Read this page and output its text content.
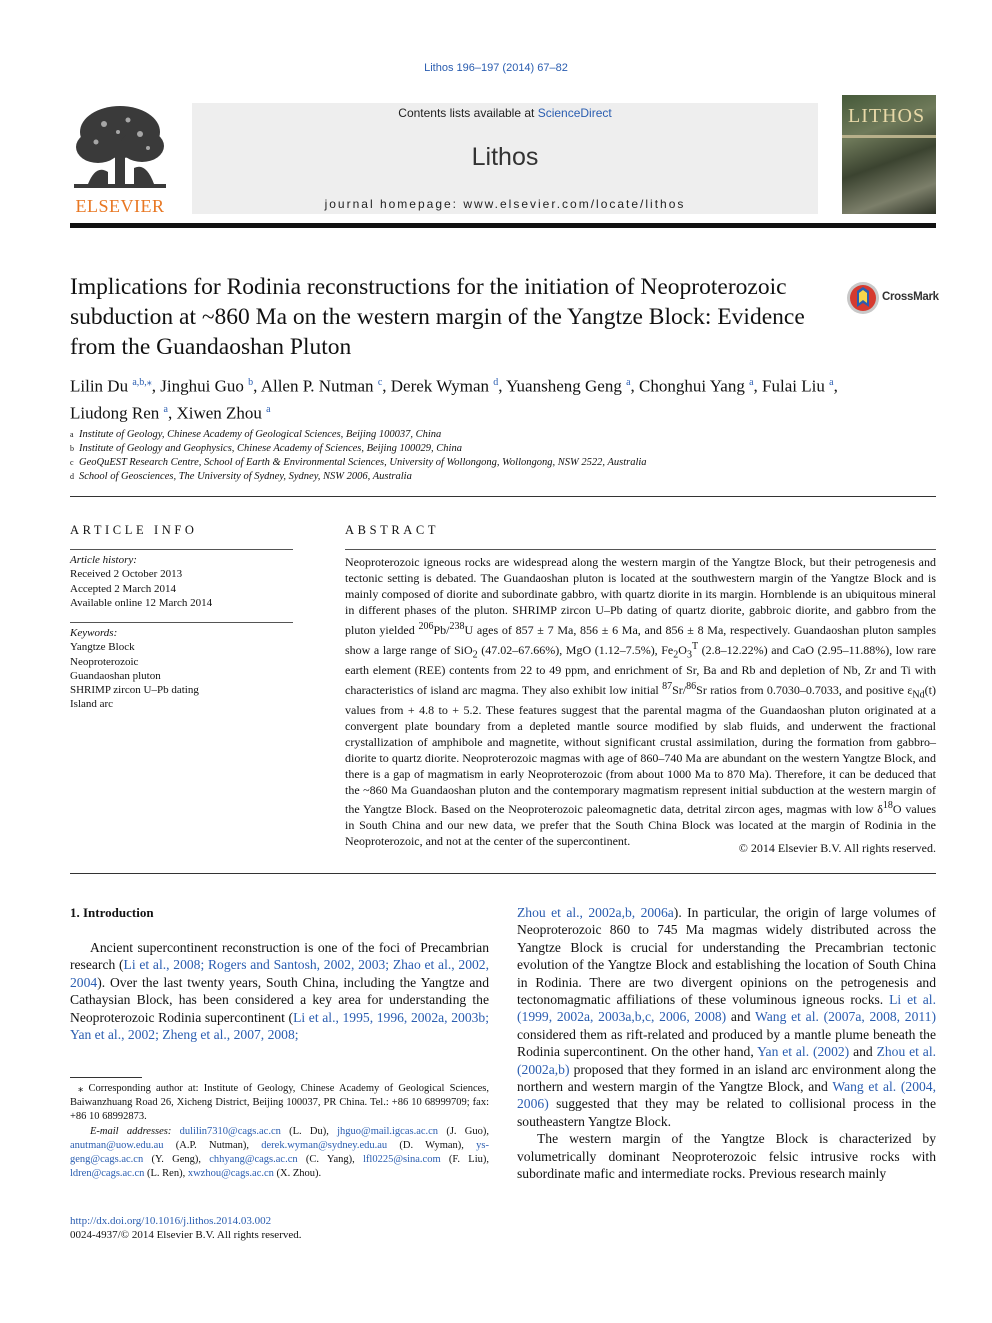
Lithos 196–197 (2014) 67–82
ELSEVIER
Contents lists available at ScienceDirect
Lithos
journal homepage: www.elsevier.com/locate/lithos
LITHOS
Implications for Rodinia reconstructions for the initiation of Neoproterozoic subduction at ~860 Ma on the western margin of the Yangtze Block: Evidence from the Guandaoshan Pluton
CrossMark
Lilin Du $^{a,b,⁎}$, Jinghui Guo $^b$, Allen P. Nutman $^c$, Derek Wyman $^d$, Yuansheng Geng $^a$, Chonghui Yang $^a$, Fulai Liu $^a$,
Liudong Ren $^a$, Xiwen Zhou $^a$
a Institute of Geology, Chinese Academy of Geological Sciences, Beijing 100037, China
b Institute of Geology and Geophysics, Chinese Academy of Sciences, Beijing 100029, China
c GeoQuEST Research Centre, School of Earth & Environmental Sciences, University of Wollongong, Wollongong, NSW 2522, Australia
d School of Geosciences, The University of Sydney, Sydney, NSW 2006, Australia
ARTICLE INFO	ABSTRACT
Article history:
Received 2 October 2013
Accepted 2 March 2014
Available online 12 March 2014
Keywords:
Yangtze Block
Neoproterozoic
Guandaoshan pluton
SHRIMP zircon U–Pb dating
Island arc
Neoproterozoic igneous rocks are widespread along the western margin of the Yangtze Block, but their petrogenesis and tectonic setting is debated. The Guandaoshan pluton is located at the southwestern margin of the Yangtze Block and is mainly composed of diorite and subordinate gabbro, with quartz diorite in its margin. Hornblende is an ubiquitous mineral in different phases of the pluton. SHRIMP zircon U–Pb dating of quartz diorite, gabbroic diorite, and gabbro from the pluton yielded $^{206}$Pb/$^{238}$U ages of 857 ± 7 Ma, 856 ± 6 Ma, and 856 ± 8 Ma, respectively. Guandaoshan pluton samples show a large range of SiO$_2$ (47.02–67.66%), MgO (1.12–7.5%), $Fe_2O_3^T$ (2.8–12.22%) and CaO (2.95–11.88%), low rare earth element (REE) contents from 22 to 49 ppm, and enrichment of Sr, Ba and Rb and depletion of Nb, Zr and Ti with characteristics of island arc magma. They also exhibit low initial $^{87}$Sr/$^{86}$Sr ratios from 0.7030–0.7033, and positive $\varepsilon_{Nd}(t)$ values from + 4.8 to + 5.2. These features suggest that the parental magma of the Guandaoshan pluton originated at a convergent plate boundary from a depleted mantle source modified by slab fluids, and underwent the fractional crystallization of amphibole and magnetite, without significant crustal assimilation, during the formation from gabbro–diorite to quartz diorite. Neoproterozoic magmas with age of 860–740 Ma are abundant on the western Yangtze Block, and there is a gap of magmatism in early Neoproterozoic (from about 1000 Ma to 870 Ma). Therefore, it can be deduced that the ~860 Ma Guandaoshan pluton and the contemporary magmatism represent initial subduction at the western margin of the Yangtze Block. Based on the Neoproterozoic paleomagnetic data, detrital zircon ages, magmas with low $\delta^{18}O$ values in South China and our new data, we prefer that the South China Block was located at the margin of Rodinia in the Neoproterozoic, and not at the center of the supercontinent.	© 2014 Elsevier B.V. All rights reserved.
1. Introduction
Ancient supercontinent reconstruction is one of the foci of Precambrian research (Li et al., 2008; Rogers and Santosh, 2002, 2003; Zhao et al., 2002, 2004). Over the last twenty years, South China, including the Yangtze and Cathaysian Block, has been considered a key area for understanding the Neoproterozoic Rodinia supercontinent (Li et al., 1995, 1996, 2002a, 2003b; Yan et al., 2002; Zheng et al., 2007, 2008;

Zhou et al., 2002a,b, 2006a). In particular, the origin of large volumes of Neoproterozoic 860 to 745 Ma magmas widely distributed across the Yangtze Block is crucial for understanding the Precambrian tectonic evolution of the Yangtze Block and establishing the location of South China in Rodinia. There are two divergent opinions on the petrogenesis and tectonomagmatic affiliations of these voluminous igneous rocks. Li et al. (1999, 2002a, 2003a,b,c, 2006, 2008) and Wang et al. (2007a, 2008, 2011) considered them as rift-related and produced by a mantle plume beneath the Rodinia supercontinent. On the other hand, Yan et al. (2002) and Zhou et al. (2002a,b) proposed that they formed in an island arc environment along the northern and western margin of the Yangtze Block, and Wang et al. (2004, 2006) suggested that they may be related to collisional process in the southeastern Yangtze Block.

The western margin of the Yangtze Block is characterized by volumetrically dominant Neoproterozoic felsic intrusive rocks with subordinate mafic and intermediate rocks. Previous research mainly

⁎ Corresponding author at: Institute of Geology, Chinese Academy of Geological Sciences, Baiwanzhuang Road 26, Xicheng District, Beijing 100037, PR China. Tel.: +86 10 68999709; fax: +86 10 68992873.
E-mail addresses: dulilin7310@cags.ac.cn (L. Du), jhguo@mail.igcas.ac.cn (J. Guo), anutman@uow.edu.au (A.P. Nutman), derek.wyman@sydney.edu.au (D. Wyman), ys-geng@cags.ac.cn (Y. Geng), chhyang@cags.ac.cn (C. Yang), lfl0225@sina.com (F. Liu), ldren@cags.ac.cn (L. Ren), xwzhou@cags.ac.cn (X. Zhou).
http://dx.doi.org/10.1016/j.lithos.2014.03.002
0024-4937/© 2014 Elsevier B.V. All rights reserved.
